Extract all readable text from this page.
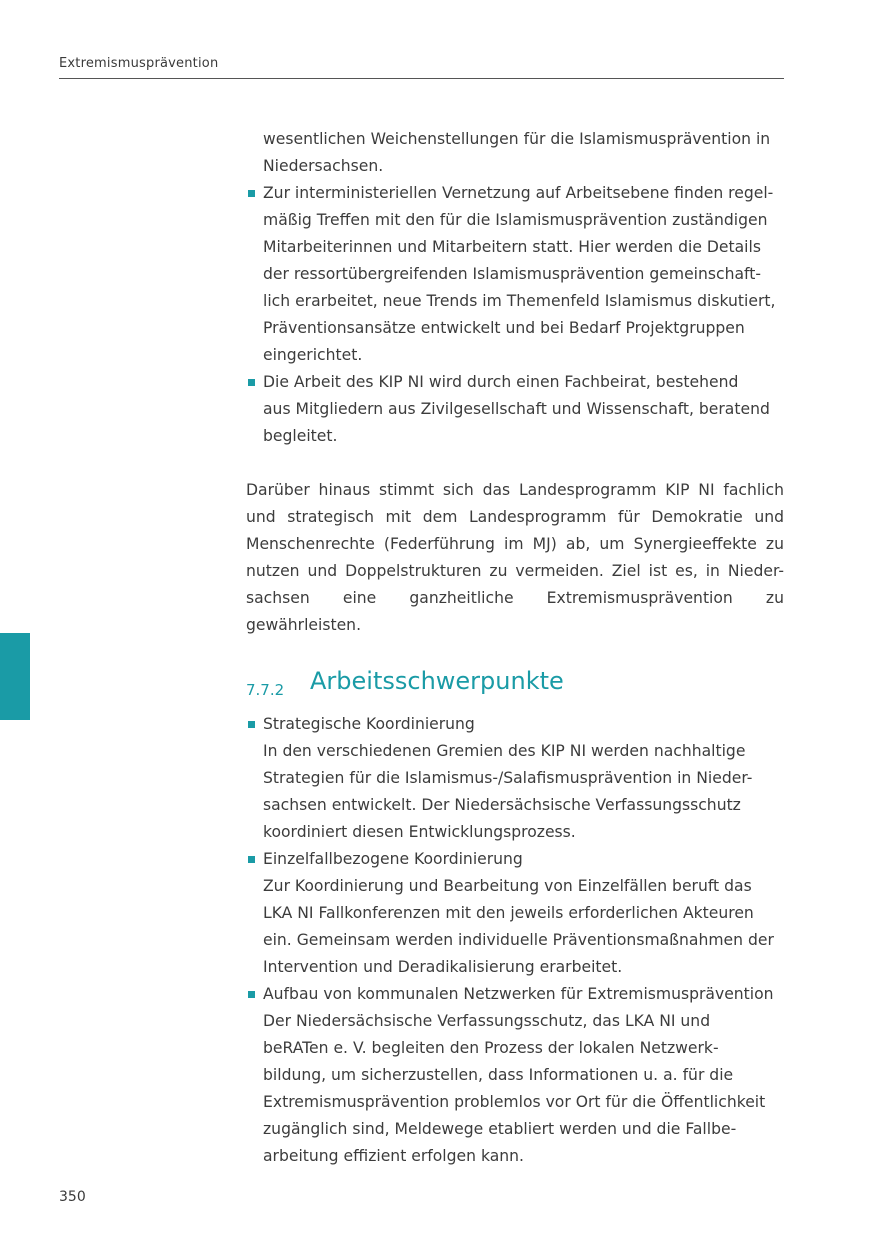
Extremismusprävention
wesentlichen Weichenstellungen für die Islamismusprävention in
Niedersachsen.
Zur interministeriellen Vernetzung auf Arbeitsebene finden regel-
mäßig Treffen mit den für die Islamismusprävention zuständigen
Mitarbeiterinnen und Mitarbeitern statt. Hier werden die Details
der ressortübergreifenden Islamismusprävention gemeinschaft-
lich erarbeitet, neue Trends im Themenfeld Islamismus diskutiert,
Präventionsansätze entwickelt und bei Bedarf Projektgruppen
eingerichtet.
Die Arbeit des KIP NI wird durch einen Fachbeirat, bestehend
aus Mitgliedern aus Zivilgesellschaft und Wissenschaft, beratend
begleitet.

Darüber hinaus stimmt sich das Landesprogramm KIP NI fachlich und strategisch mit dem Landesprogramm für Demokratie und Menschenrechte (Federführung im MJ) ab, um Synergieeffekte zu nutzen und Doppelstrukturen zu vermeiden. Ziel ist es, in Nieder- sachsen eine ganzheitliche Extremismusprävention zu gewährleisten.

7.7.2 Arbeitsschwerpunkte
Strategische Koordinierung
In den verschiedenen Gremien des KIP NI werden nachhaltige
Strategien für die Islamismus-/Salafismusprävention in Nieder-
sachsen entwickelt. Der Niedersächsische Verfassungsschutz
koordiniert diesen Entwicklungsprozess.
Einzelfallbezogene Koordinierung
Zur Koordinierung und Bearbeitung von Einzelfällen beruft das
LKA NI Fallkonferenzen mit den jeweils erforderlichen Akteuren
ein. Gemeinsam werden individuelle Präventionsmaßnahmen der
Intervention und Deradikalisierung erarbeitet.
Aufbau von kommunalen Netzwerken für Extremismusprävention
Der Niedersächsische Verfassungsschutz, das LKA NI und
beRATen e. V. begleiten den Prozess der lokalen Netzwerk-
bildung, um sicherzustellen, dass Informationen u. a. für die
Extremismusprävention problemlos vor Ort für die Öffentlichkeit
zugänglich sind, Meldewege etabliert werden und die Fallbe-
arbeitung effizient erfolgen kann.
350
